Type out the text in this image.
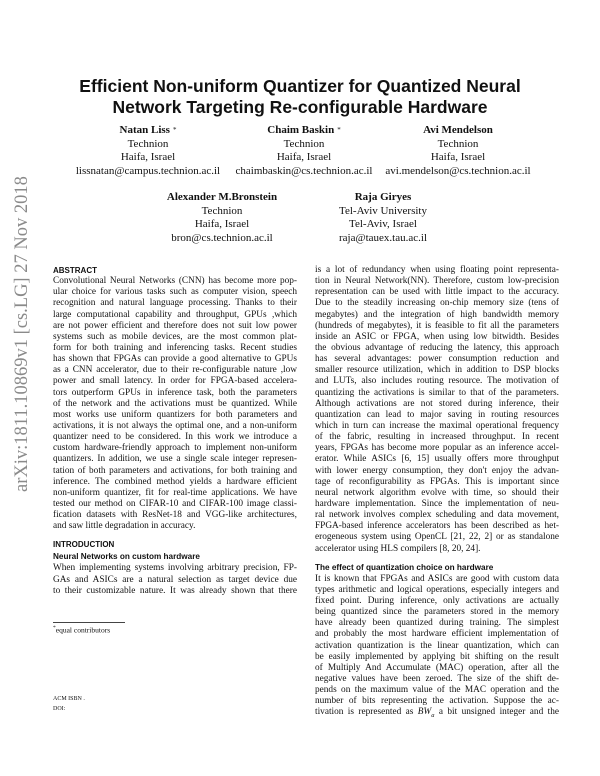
arXiv:1811.10869v1 [cs.LG] 27 Nov 2018
Efficient Non-uniform Quantizer for Quantized Neural
Network Targeting Re-configurable Hardware
Natan Liss *
Technion
Haifa, Israel
lissnatan@campus.technion.ac.il
Chaim Baskin *
Technion
Haifa, Israel
chaimbaskin@cs.technion.ac.il
Avi Mendelson
Technion
Haifa, Israel
avi.mendelson@cs.technion.ac.il
Alexander M.Bronstein
Technion
Haifa, Israel
bron@cs.technion.ac.il
Raja Giryes
Tel-Aviv University
Tel-Aviv, Israel
raja@tauex.tau.ac.il
ABSTRACT
Convolutional Neural Networks (CNN) has become more pop-
ular choice for various tasks such as computer vision, speech
recognition and natural language processing. Thanks to their
large computational capability and throughput, GPUs ,which
are not power efficient and therefore does not suit low power
systems such as mobile devices, are the most common plat-
form for both training and inferencing tasks. Recent studies
has shown that FPGAs can provide a good alternative to GPUs
as a CNN accelerator, due to their re-configurable nature ,low
power and small latency. In order for FPGA-based accelera-
tors outperform GPUs in inference task, both the parameters
of the network and the activations must be quantized. While
most works use uniform quantizers for both parameters and
activations, it is not always the optimal one, and a non-uniform
quantizer need to be considered. In this work we introduce a
custom hardware-friendly approach to implement non-uniform
quantizers. In addition, we use a single scale integer represen-
tation of both parameters and activations, for both training and
inference. The combined method yields a hardware efficient
non-uniform quantizer, fit for real-time applications. We have
tested our method on CIFAR-10 and CIFAR-100 image classi-
fication datasets with ResNet-18 and VGG-like architectures,
and saw little degradation in accuracy.
INTRODUCTION
Neural Networks on custom hardware
When implementing systems involving arbitrary precision, FP-
GAs and ASICs are a natural selection as target device due
to their customizable nature. It was already shown that there
*equal contributors
ACM ISBN .
DOI:
is a lot of redundancy when using floating point representa-
tion in Neural Network(NN). Therefore, custom low-precision
representation can be used with little impact to the accuracy.
Due to the steadily increasing on-chip memory size (tens of
megabytes) and the integration of high bandwidth memory
(hundreds of megabytes), it is feasible to fit all the parameters
inside an ASIC or FPGA, when using low bitwidth. Besides
the obvious advantage of reducing the latency, this approach
has several advantages: power consumption reduction and
smaller resource utilization, which in addition to DSP blocks
and LUTs, also includes routing resource. The motivation of
quantizing the activations is similar to that of the parameters.
Although activations are not stored during inference, their
quantization can lead to major saving in routing resources
which in turn can increase the maximal operational frequency
of the fabric, resulting in increased throughput. In recent
years, FPGAs has become more popular as an inference accel-
erator. While ASICs [6, 15] usually offers more throughput
with lower energy consumption, they don't enjoy the advan-
tage of reconfigurability as FPGAs. This is important since
neural network algorithm evolve with time, so should their
hardware implementation. Since the implementation of neu-
ral network involves complex scheduling and data movement,
FPGA-based inference accelerators has been described as het-
erogeneous system using OpenCL [21, 22, 2] or as standalone
accelerator using HLS compilers [8, 20, 24].
The effect of quantization choice on hardware
It is known that FPGAs and ASICs are good with custom data
types arithmetic and logical operations, especially integers and
fixed point. During inference, only activations are actually
being quantized since the parameters stored in the memory
have already been quantized during training. The simplest
and probably the most hardware efficient implementation of
activation quantization is the linear quantization, which can
be easily implemented by applying bit shifting on the result
of Multiply And Accumulate (MAC) operation, after all the
negative values have been zeroed. The size of the shift de-
pends on the maximum value of the MAC operation and the
number of bits representing the activation. Suppose the ac-
tivation is represented as $BW_a$ a bit unsigned integer and the
